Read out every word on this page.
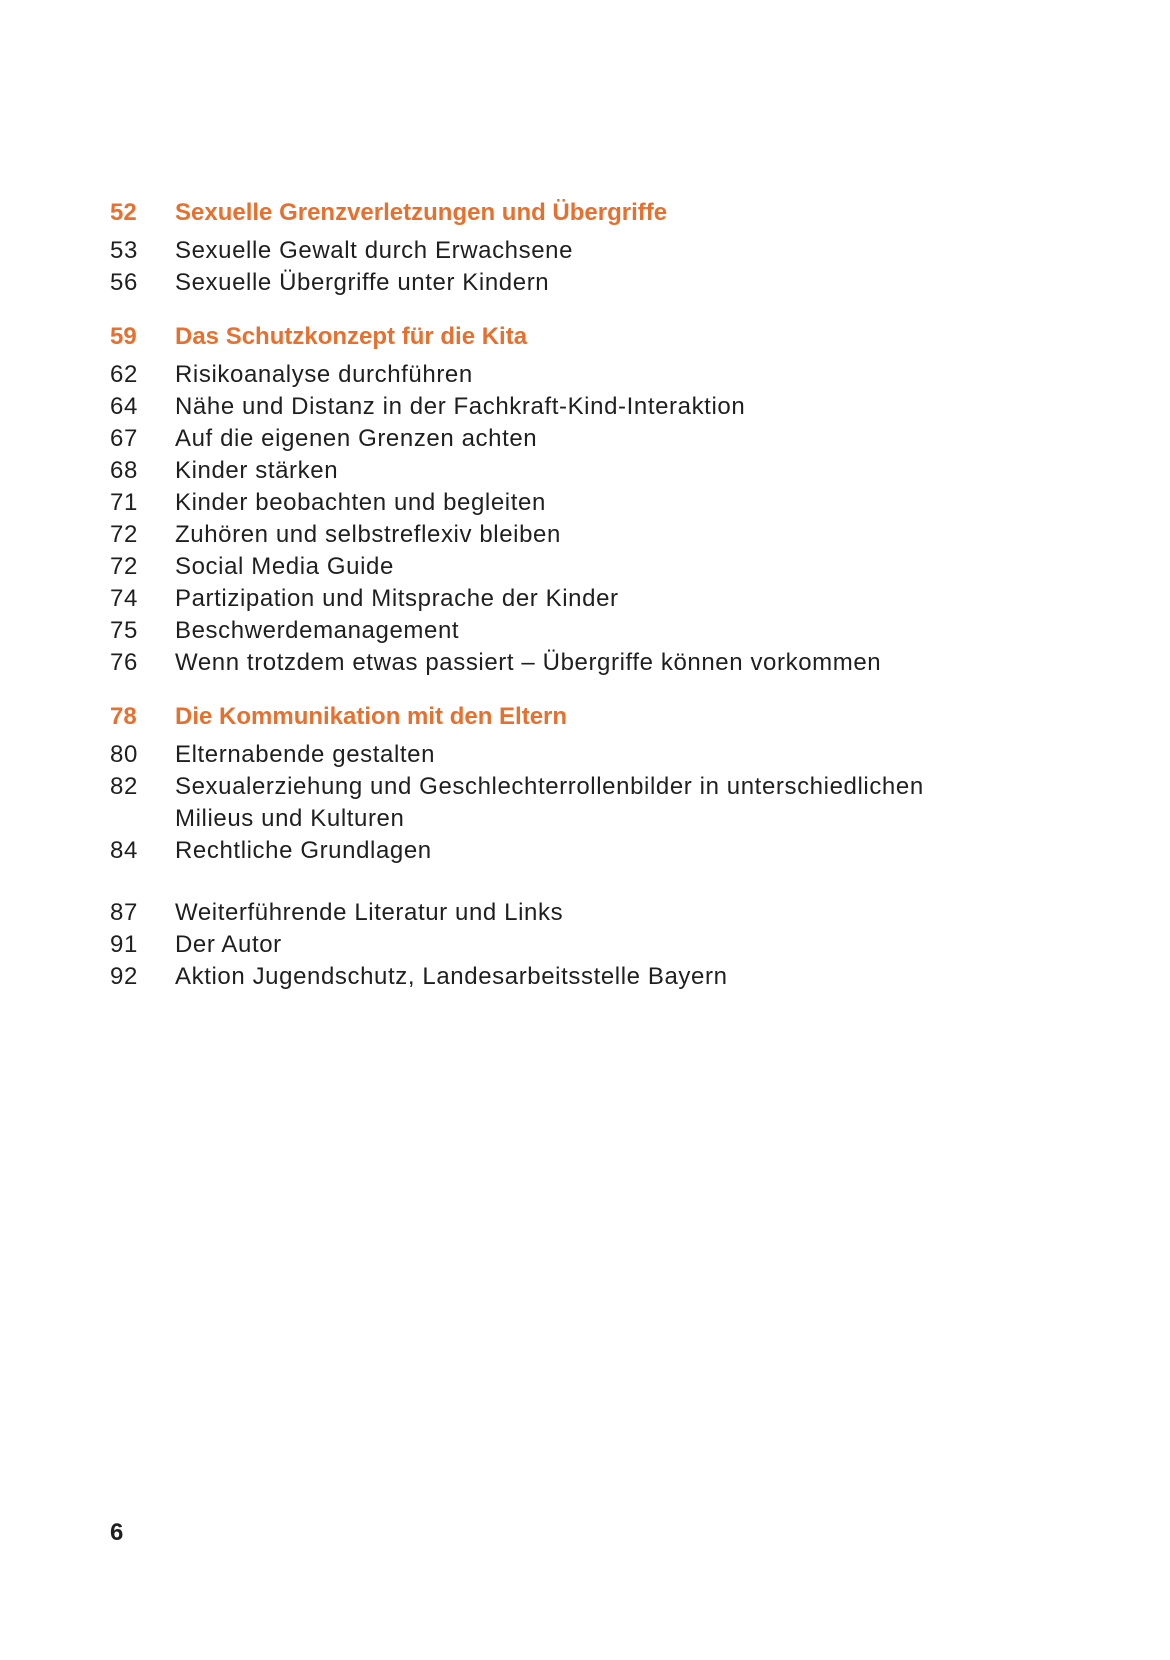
52	Sexuelle Grenzverletzungen und Übergriffe
53	Sexuelle Gewalt durch Erwachsene
56	Sexuelle Übergriffe unter Kindern
59	Das Schutzkonzept für die Kita
62	Risikoanalyse durchführen
64	Nähe und Distanz in der Fachkraft-Kind-Interaktion
67	Auf die eigenen Grenzen achten
68	Kinder stärken
71	Kinder beobachten und begleiten
72	Zuhören und selbstreflexiv bleiben
72	Social Media Guide
74	Partizipation und Mitsprache der Kinder
75	Beschwerdemanagement
76	Wenn trotzdem etwas passiert – Übergriffe können vorkommen
78	Die Kommunikation mit den Eltern
80	Elternabende gestalten
82	Sexualerziehung und Geschlechterrollenbilder in unterschiedlichen Milieus und Kulturen
84	Rechtliche Grundlagen
87	Weiterführende Literatur und Links
91	Der Autor
92	Aktion Jugendschutz, Landesarbeitsstelle Bayern
6
